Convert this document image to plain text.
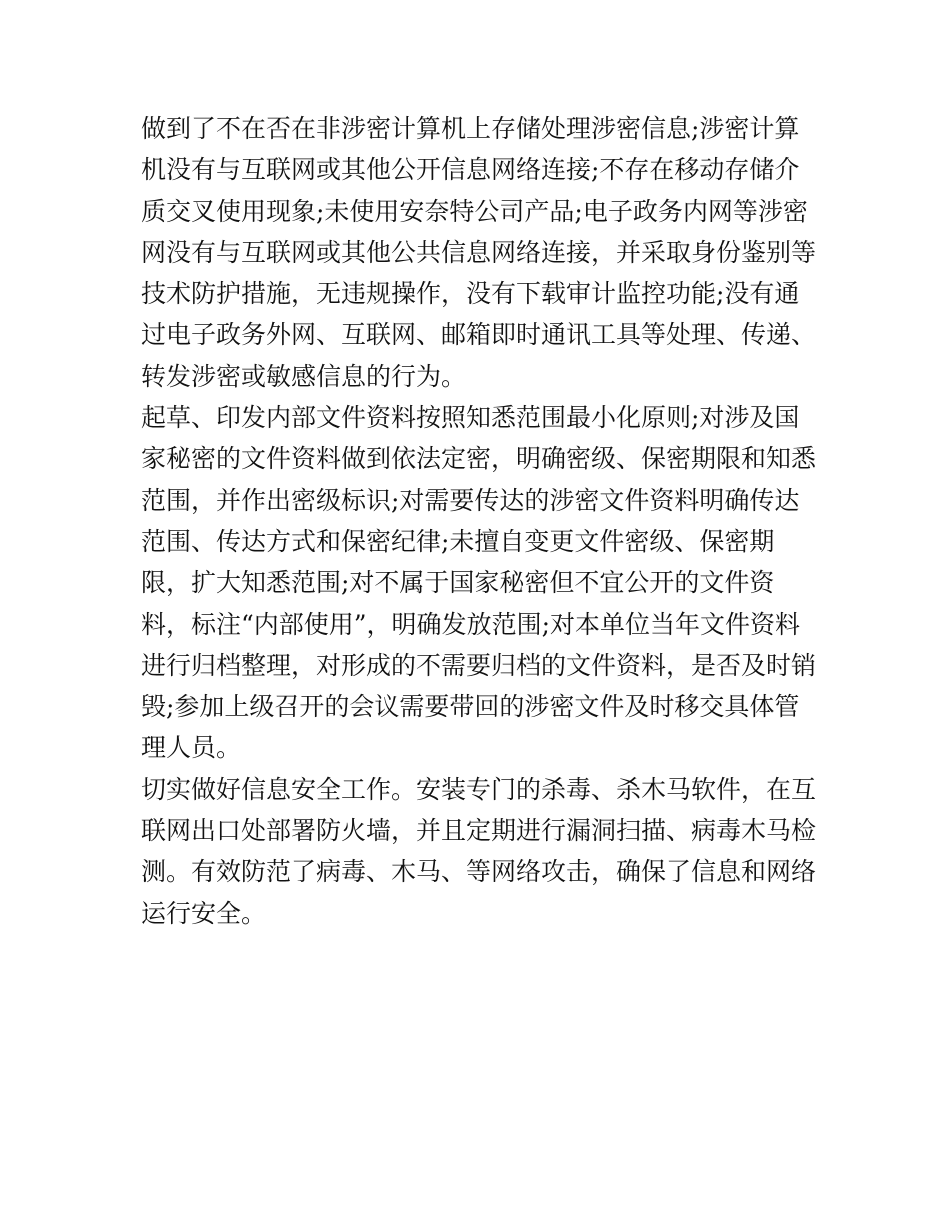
做到了不在否在非涉密计算机上存储处理涉密信息;涉密计算
机没有与互联网或其他公开信息网络连接;不存在移动存储介
质交叉使用现象;未使用安奈特公司产品;电子政务内网等涉密
网没有与互联网或其他公共信息网络连接，并采取身份鉴别等
技术防护措施，无违规操作，没有下载审计监控功能;没有通
过电子政务外网、互联网、邮箱即时通讯工具等处理、传递、
转发涉密或敏感信息的行为。
起草、印发内部文件资料按照知悉范围最小化原则;对涉及国
家秘密的文件资料做到依法定密，明确密级、保密期限和知悉
范围，并作出密级标识;对需要传达的涉密文件资料明确传达
范围、传达方式和保密纪律;未擅自变更文件密级、保密期
限，扩大知悉范围;对不属于国家秘密但不宜公开的文件资
料，标注“内部使用”，明确发放范围;对本单位当年文件资料
进行归档整理，对形成的不需要归档的文件资料，是否及时销
毁;参加上级召开的会议需要带回的涉密文件及时移交具体管
理人员。
切实做好信息安全工作。安装专门的杀毒、杀木马软件，在互
联网出口处部署防火墙，并且定期进行漏洞扫描、病毒木马检
测。有效防范了病毒、木马、等网络攻击，确保了信息和网络
运行安全。
